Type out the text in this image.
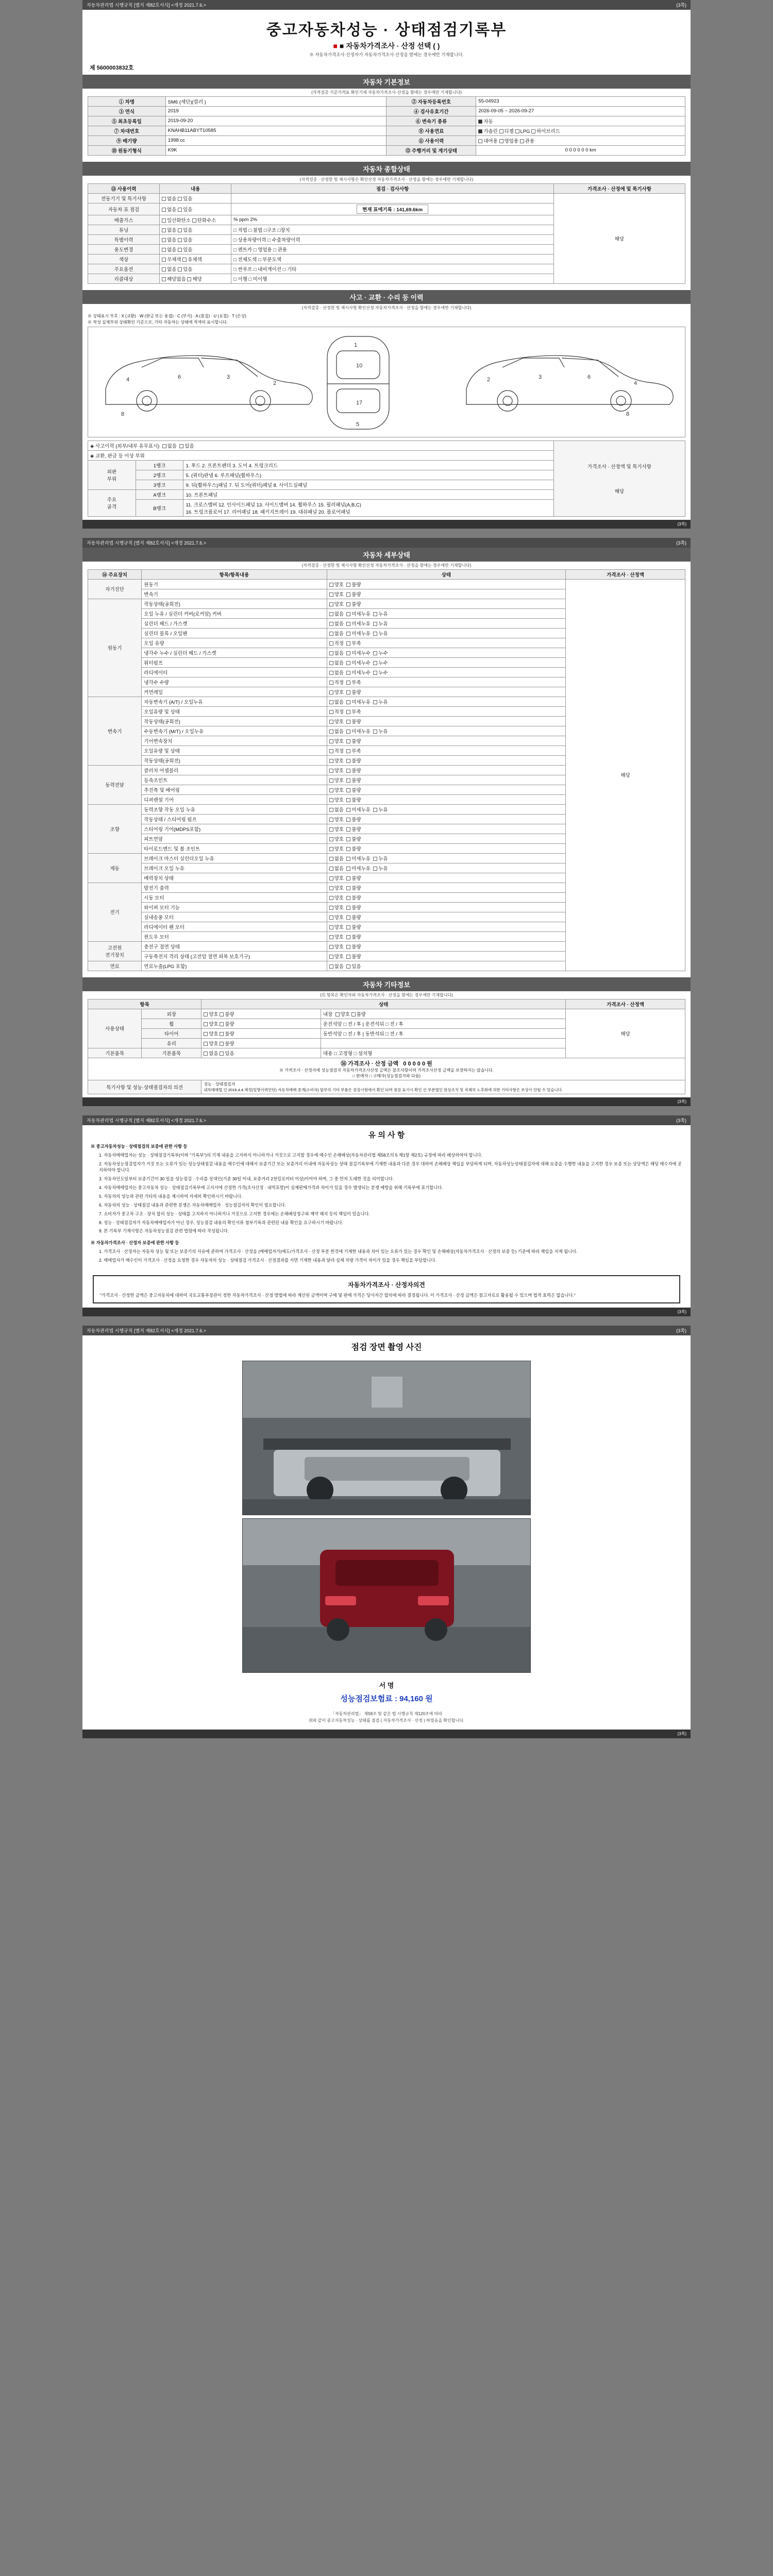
자동차관리법 시행규칙 [별지 제82호서식] <개정 2021.7.6.>	(3쪽)
중고자동차성능 · 상태점검기록부
■ ■ 자동차가격조사 · 산정 선택 ( )
※ 자동차가격조사·산정자가 자동차가격조사·산정을 함에는 경우에만 기재합니다.
제 5600003832호
자동차 기본정보
(자격검증 기준가격표 확인기재 자동차가격조사·산정을 함에는 경우에만 기재합니다)
① 차명	SM6 (세단)(컬러 )	② 자동차등록번호	55-04923
③ 연식	2019	④ 검사유효기간	2026-09-05 ~ 2026-09-27
⑤ 최초등록일	2019-09-20	⑥ 변속기 종류	자동
⑦ 차대번호	KNAHB11ABYT10585	⑧ 사용연료	가솔린 디젤 LPG 하이브리드
⑨ 배기량	1998 cc	⑪ 사용이력	대여용 영업용 관용
⑩ 원동기형식	K9K	⑫ 주행거리 및 계기상태	0 0 0 0 0 0 km
자동차 종합상태
(자격검증 · 산정한 및 제시사항은 확인산정 자동차가격조사 · 산정을 함에는 경우에만 기재합니다)
⑬ 사용이력	내용	점검 · 검사사항	가격조사 · 산정에 및 특기사항
전동기기 및 특기사항	없음 있음		해당
자동차 표 점검	없음 있음	현재 표에기록 : 141,69.6km	
배출가스	일산화탄소 탄화수소	% ppm 2%	
튜닝	없음 있음	□ 적법 □ 불법 □구조 □장치	
특별이력	없음 있음	□ 상용차량이력 □ 수출차량이력	
용도변경	없음 있음	□ 렌트카 □ 영업용 □ 관용	
색상	무채색 유채색	□ 전체도색 □ 부분도색	
주요옵션	없음 있음	□ 썬루프 □ 내비게이션 □ 기타	
리콜대상	해당없음 해당	□ 이행 □ 미이행	
사고 · 교환 · 수리 등 이력
(자격검증 · 산정한 및 제시사항 확인산정 자동차가격조사 · 산정을 함에는 경우에만 기재합니다)
※ 상태표시 부호 : X (교환) · W (판금 또는 용접) · C (부식) · A (흠집) · U (요철) · T (손상)
※ 작성 실제부위 상태확인 기준으로, 기타 자동차는 상태에 적색의 표시합니다.
4	6	3
2
8
1
10
17
5
2	3	6
4
8
◈ 사고이력 (외부/내부 유무표시) 없음 있음			가격조사 · 산정액 및 특기사항
해당

◈ 교환, 판금 등 이상 부위			
외판
부위	1랭크	1. 후드 2. 프론트펜더 3. 도어 4. 트렁크리드	
	2랭크	5. (쿼터)판넬 6. 루프패널(휠하우스)	
	3랭크	9. 뒤(휠하우스)패널 7. 뒤 도어(쿼터)패널 8. 사이드실패널	
주요
골격	A랭크	10. 프론트패널	
	B랭크	11. 크로스멤버 12. 인사이드패널 13. 사이드맴버 14. 휠하우스 15. 필러패널(A,B,C)
16. 트렁크플로어 17. 리어패널 18. 패키지트레이 19. 대쉬패널 20. 플로어패널	
(3쪽)
자동차관리법 시행규칙 [별지 제82호서식] <개정 2021.7.6.>	(3쪽)
자동차 세부상태
(자격검증 · 산정한 및 제시사항 확인산정 자동차가격조사 · 산정을 함에는 경우에만 기재합니다)
⑭ 주요장치	항목/항목내용	상태	가격조사 · 산정액
자기진단	원동기	양호  불량	해당
	변속기	양호  불량	
원동기	작동상태(공회전)	양호  불량	
	오일 누유 / 실린더 커버(로커암) 커버	없음  미세누유  누유	
	실린더 헤드 / 가스켓	없음  미세누유  누유	
	실린더 블록 / 오일팬	없음  미세누유  누유	
	오일 유량	적정  부족	
	냉각수 누수 / 실린더 헤드 / 가스켓	없음  미세누수  누수	
	워터펌프	없음  미세누수  누수	
	라디에이터	없음  미세누수  누수	
	냉각수 수량	적정  부족	
	커먼레일	양호  불량	
변속기	자동변속기 (A/T) / 오일누유	없음  미세누유  누유	
	오일유량 및 상태	적정  부족	
	작동상태(공회전)	양호  불량	
	수동변속기 (M/T) / 오일누유	없음  미세누유  누유	
	기어변속장치	양호  불량	
	오일유량 및 상태	적정  부족	
	작동상태(공회전)	양호  불량	
동력전달	클러치 어셈블리	양호  불량	
	등속조인트	양호  불량	
	추진축 및 베어링	양호  불량	
	디퍼렌셜 기어	양호  불량	
조향	동력조향 작동 오일 누유	없음  미세누유  누유	
	작동상태 / 스티어링 펌프	양호  불량	
	스티어링 기어(MDPS포함)	양호  불량	
	피트먼암	양호  불량	
	타이로드엔드 및 볼 조인트	양호  불량	
제동	브레이크 마스터 실린더오일 누유	없음  미세누유  누유	
	브레이크 오일 누유	없음  미세누유  누유	
	배력장치 상태	양호  불량	
전기	발전기 출력	양호  불량	
	시동 모터	양호  불량	
	와이퍼 모터 기능	양호  불량	
	실내송풍 모터	양호  불량	
	라디에이터 팬 모터	양호  불량	
	윈도우 모터	양호  불량	
고전원
전기장치	충전구 절연 상태	양호  불량	
	구동축전지 격리 상태 (고전압 절연 피복 보호기구)	양호  불량	
연료	연료누출(LPG 포함)	없음  있음	
자동차 기타정보
(⑮ 항목은 확인자와 자동차가격조사 · 산정을 함에는 경우에만 기재합니다)
항목		상태		가격조사 · 산정액
사용상태	외장	양호 불량	내장  양호 불량	해당
	휠	양호 불량	운전석앞 □ 전 / 후 | 운전석뒤 □ 전 / 후	
	타이어	양호 불량	동반석앞 □ 전 / 후 | 동반석뒤 □ 전 / 후	
	유리	양호 불량		
기본품목	기본품목	없음 있음	대용 □ 고정형 □ 설치형	

⑯ 가격조사 · 산정 금액 0 0 0 0 0 원
※ 가격조사 · 산정자에 성능점검자 자동차가격조사산정 금액은 참조사항이며 가격조사산정 금액을 보장하지는 않습니다.
□ 판매자 □ 구매자(성능점검자와 다름)				

특기사항 및 성능·상태점검자의 의견		성능 · 상태점검자
내차매매법 인 2016.4.4.제정(일방이력안단) 자동차매매 중개(소비자) 합부의 기타 부품은 검검시험에서 확인 되며 점검 표기시 확인 산 부분법인 원상조치 및 자체의 노후화에 의한 기타사항은 보상이 안될 수 있습니다.		
(3쪽)
자동차관리법 시행규칙 [별지 제82호서식] <개정 2021.7.6.>	(3쪽)
유 의 사 항

※ 중고자동차성능 · 상태점검의 보증에 관한 사항 등

1. 자동차매매업자는 성능 · 상태점검기록부(이하 "기록부")의 기재 내용을 고지하지 아니하거나 거짓으로 고지할 경우에 매수인 손해배상(자동차관리법 제58조의 5 제1항 제2호) 규정에 따라 배상하여야 합니다.

2. 자동차성능점검업자가 거짓 또는 오류가 있는 성능상태점검 내용을 매수인에 대해서 보증기간 또는 보증거리 이내에 자동차성능 상태 점검기록부에 기재한 내용과 다른 경우 대하여 손해배상 책임을 부담하게 되며, 자동차성능상태점검자에 대해 보증을 수행한 내용을 고지한 경우 보증 또는 상당액은 해당 매수자에 공지하여야 합니다.

3. 자동차인도일부터 보증기간이 30 일을 성능점검 · 수리를 상대인(기준 30일 이내, 보증거리 2천킬로미터 이상)이어야 하며, 그 중 먼저 도래한 것을 의미합니다.

4. 자동차매매업자는 중고자동차 성능 · 상태점검기록부에 고지서에 산정한 가격(조사산정 · 내역포함)이 실제판매가격과 차이가 있을 경우 발생되는 분쟁 예방을 위해 기록부에 표기합니다.

5. 자동차의 성능과 관련 기타의 내용을 제시하여 자세히 확인하시기 바랍니다.

6. 자동차의 성능 · 상태점검 내용과 관련한 분쟁은 자동차매매업자 · 성능점검자의 확인이 필요합니다.

7. 소비자가 중고차 구조 · 장치 합의 성능 · 상태를 고지하지 아니하거나 거짓으로 고지한 경우에는 손해배상청구와 계약 해지 등의 책임이 있습니다.

8. 성능 · 상태점검자가 자동차매매업자가 아닌 경우, 성능점검 내용의 확인서류 첨부기록과 관련된 내용 확인을 요구하시기 바랍니다.

9. 본 기록부 기재사항은 자동차성능점검 관련 법령에 따라 작성됩니다.

※ 자동차가격조사 · 산정자 보증에 관한 사항 등

1. 가격조사 · 산정자는 자동차 성능 및 또는 보증기의 사유에 준하여 가격조사 · 산정을 (매매업자가)매도/가격조사 · 산정 부분 한것에 기재한 내용과 차이 있는 오류가 있는 경우 확인 및 손해배상(자동차가격조사 · 산정의 보증 등) 기준에 따라 책임을 지게 됩니다.

2. 매매업자가 매수인이 가격조사 · 산정을 요청한 경우 자동차의 성능 · 상태점검 가격조사 · 산정결과를 서면 기재한 내용과 달라 실제 차량 가격이 차이가 있을 경우 책임을 부담합니다.

자동차가격조사 · 산정자의견
"가격조사 · 산정한 금액은 중고자동차에 대하여 국토교통부장관이 정한 자동차가격조사 · 산정 방법에 따라 계산된 금액이며 구매 및 판매 가격은 당사자간 합의에 따라 결정됩니다. 이 가격조사 · 산정 금액은 참고자료로 활용될 수 있으며 법적 효력은 없습니다."
(3쪽)
자동차관리법 시행규칙 [별지 제82호서식] <개정 2021.7.6.>	(3쪽)
점검 장면 촬영 사진
서 명
성능점검보험료 : 94,160 원
「자동차관리법」 제58조 및 같은 법 시행규칙 제120조에 따라
위와 같이 중고자동차성능 · 상태를 점검 ( 자동차가격조사 · 산정 ) 하였음을 확인합니다.
(3쪽)
